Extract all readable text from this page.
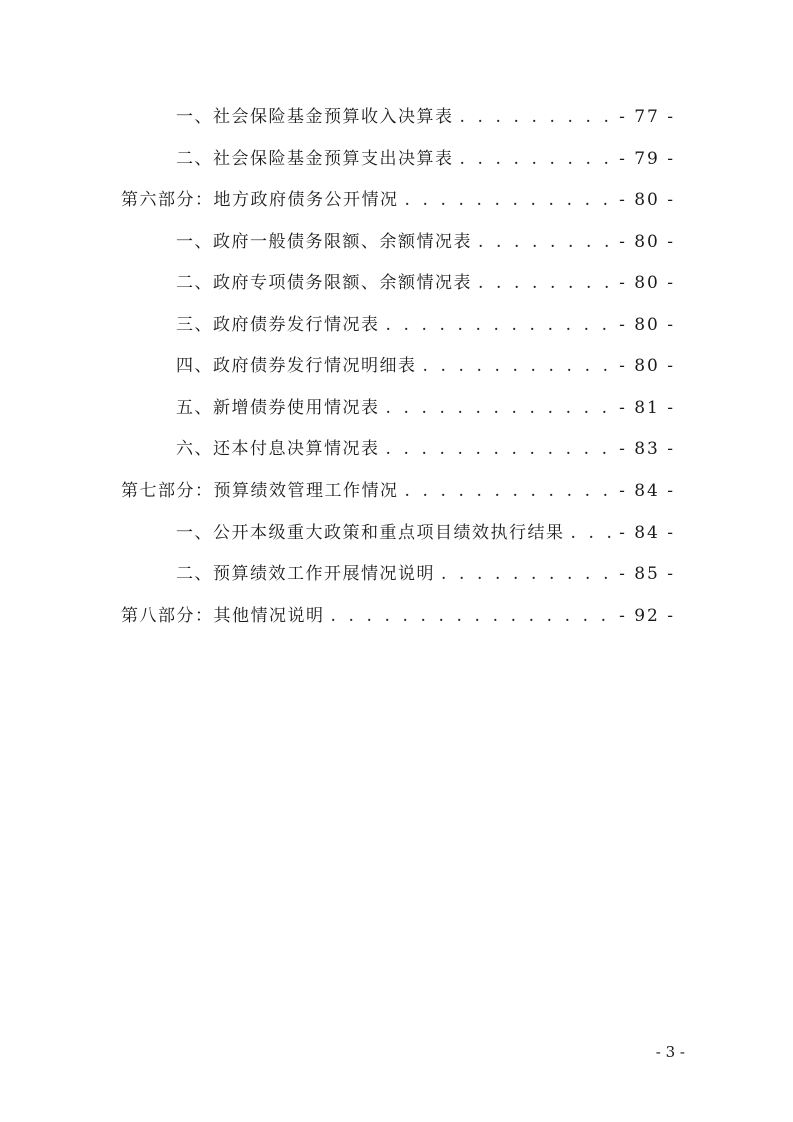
一、社会保险基金预算收入决算表 . . .	- 77 -
二、社会保险基金预算支出决算表 . . .	- 79 -
第六部分：地方政府债务公开情况 . . .	- 80 -
一、政府一般债务限额、余额情况表 . . .	- 80 -
二、政府专项债务限额、余额情况表 . . .	- 80 -
三、政府债券发行情况表 . . .	- 80 -
四、政府债券发行情况明细表 . . .	- 80 -
五、新增债券使用情况表 . . .	- 81 -
六、还本付息决算情况表 . . .	- 83 -
第七部分：预算绩效管理工作情况 . . .	- 84 -
一、公开本级重大政策和重点项目绩效执行结果 . . .	- 84 -
二、预算绩效工作开展情况说明 . . .	- 85 -
第八部分：其他情况说明 . . .	- 92 -
- 3 -
